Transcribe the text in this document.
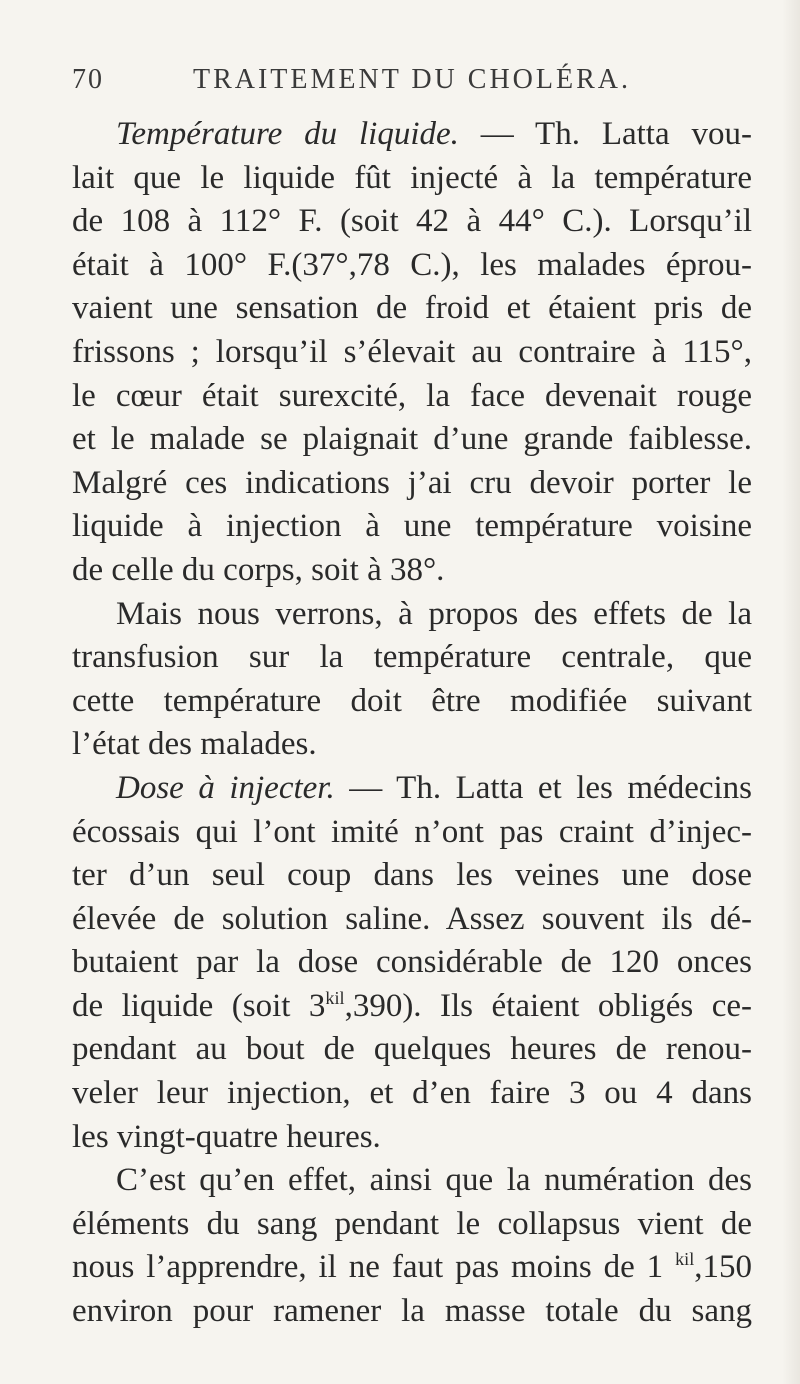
70	TRAITEMENT DU CHOLÉRA.
Température du liquide. — Th. Latta vou-
lait que le liquide fût injecté à la température
de 108 à 112° F. (soit 42 à 44° C.). Lorsqu’il
était à 100° F.(37°,78 C.), les malades éprou-
vaient une sensation de froid et étaient pris de
frissons ; lorsqu’il s’élevait au contraire à 115°,
le cœur était surexcité, la face devenait rouge
et le malade se plaignait d’une grande faiblesse.
Malgré ces indications j’ai cru devoir porter le
liquide à injection à une température voisine
de celle du corps, soit à 38°.
Mais nous verrons, à propos des effets de la
transfusion sur la température centrale, que
cette température doit être modifiée suivant
l’état des malades.
Dose à injecter. — Th. Latta et les médecins
écossais qui l’ont imité n’ont pas craint d’injec-
ter d’un seul coup dans les veines une dose
élevée de solution saline. Assez souvent ils dé-
butaient par la dose considérable de 120 onces
de liquide (soit $3^{kil},390$). Ils étaient obligés ce-
pendant au bout de quelques heures de renou-
veler leur injection, et d’en faire 3 ou 4 dans
les vingt-quatre heures.
C’est qu’en effet, ainsi que la numération des
éléments du sang pendant le collapsus vient de
nous l’apprendre, il ne faut pas moins de 1 $^{kil}$,150
environ pour ramener la masse totale du sang
